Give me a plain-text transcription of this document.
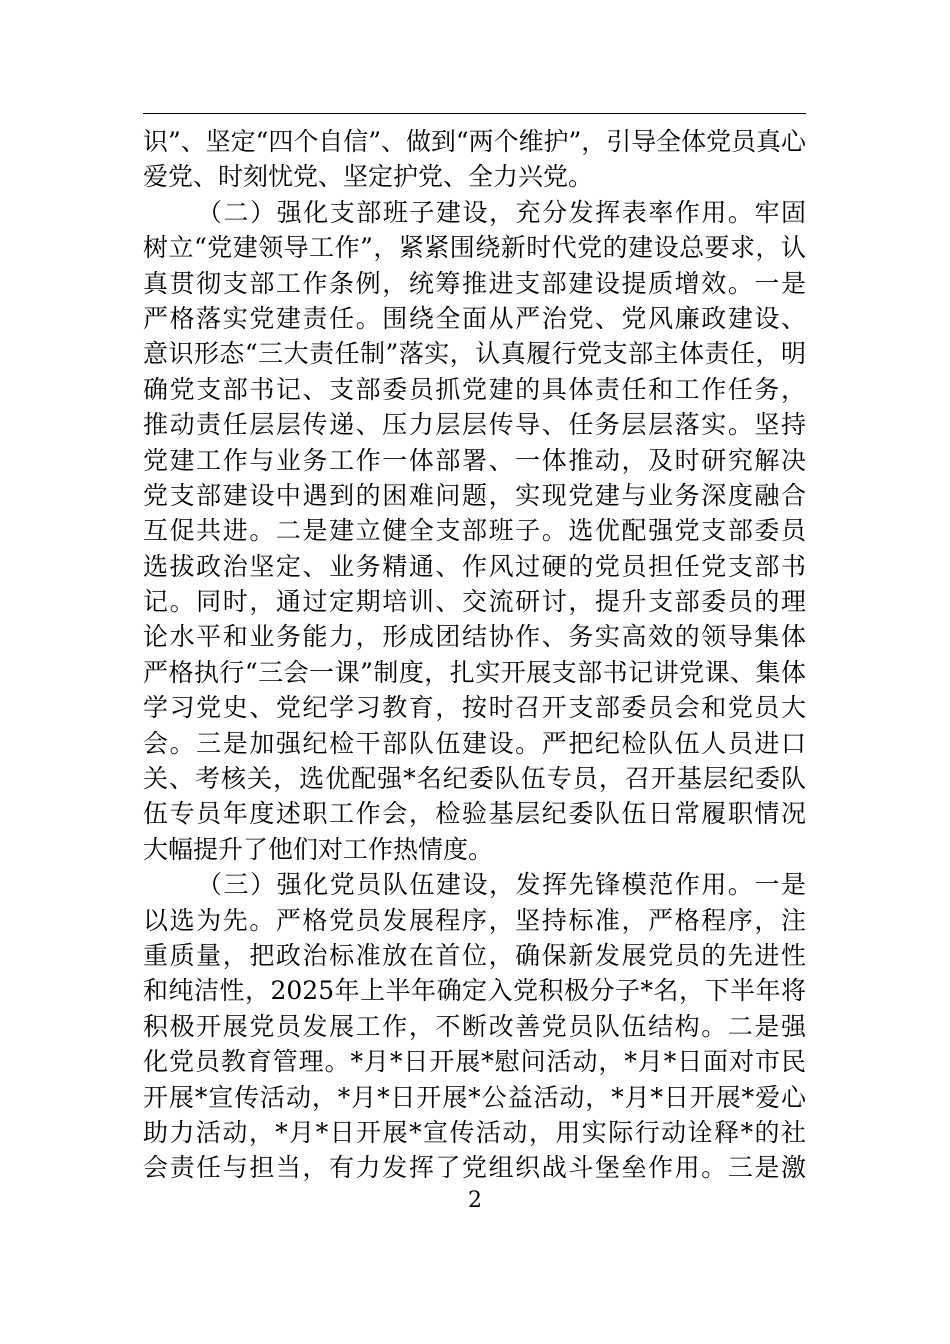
识”、坚定“四个自信”、做到“两个维护”，引导全体党员真心
爱党、时刻忧党、坚定护党、全力兴党。
（二）强化支部班子建设，充分发挥表率作用。牢固
树立“党建领导工作”，紧紧围绕新时代党的建设总要求，认
真贯彻支部工作条例，统筹推进支部建设提质增效。一是
严格落实党建责任。围绕全面从严治党、党风廉政建设、
意识形态“三大责任制”落实，认真履行党支部主体责任，明
确党支部书记、支部委员抓党建的具体责任和工作任务，
推动责任层层传递、压力层层传导、任务层层落实。坚持
党建工作与业务工作一体部署、一体推动，及时研究解决
党支部建设中遇到的困难问题，实现党建与业务深度融合
互促共进。二是建立健全支部班子。选优配强党支部委员
选拔政治坚定、业务精通、作风过硬的党员担任党支部书
记。同时，通过定期培训、交流研讨，提升支部委员的理
论水平和业务能力，形成团结协作、务实高效的领导集体
严格执行“三会一课”制度，扎实开展支部书记讲党课、集体
学习党史、党纪学习教育，按时召开支部委员会和党员大
会。三是加强纪检干部队伍建设。严把纪检队伍人员进口
关、考核关，选优配强*名纪委队伍专员，召开基层纪委队
伍专员年度述职工作会，检验基层纪委队伍日常履职情况
大幅提升了他们对工作热情度。
（三）强化党员队伍建设，发挥先锋模范作用。一是
以选为先。严格党员发展程序，坚持标准，严格程序，注
重质量，把政治标准放在首位，确保新发展党员的先进性
和纯洁性，2025年上半年确定入党积极分子*名，下半年将
积极开展党员发展工作，不断改善党员队伍结构。二是强
化党员教育管理。*月*日开展*慰问活动，*月*日面对市民
开展*宣传活动，*月*日开展*公益活动，*月*日开展*爱心
助力活动，*月*日开展*宣传活动，用实际行动诠释*的社
会责任与担当，有力发挥了党组织战斗堡垒作用。三是激
2
